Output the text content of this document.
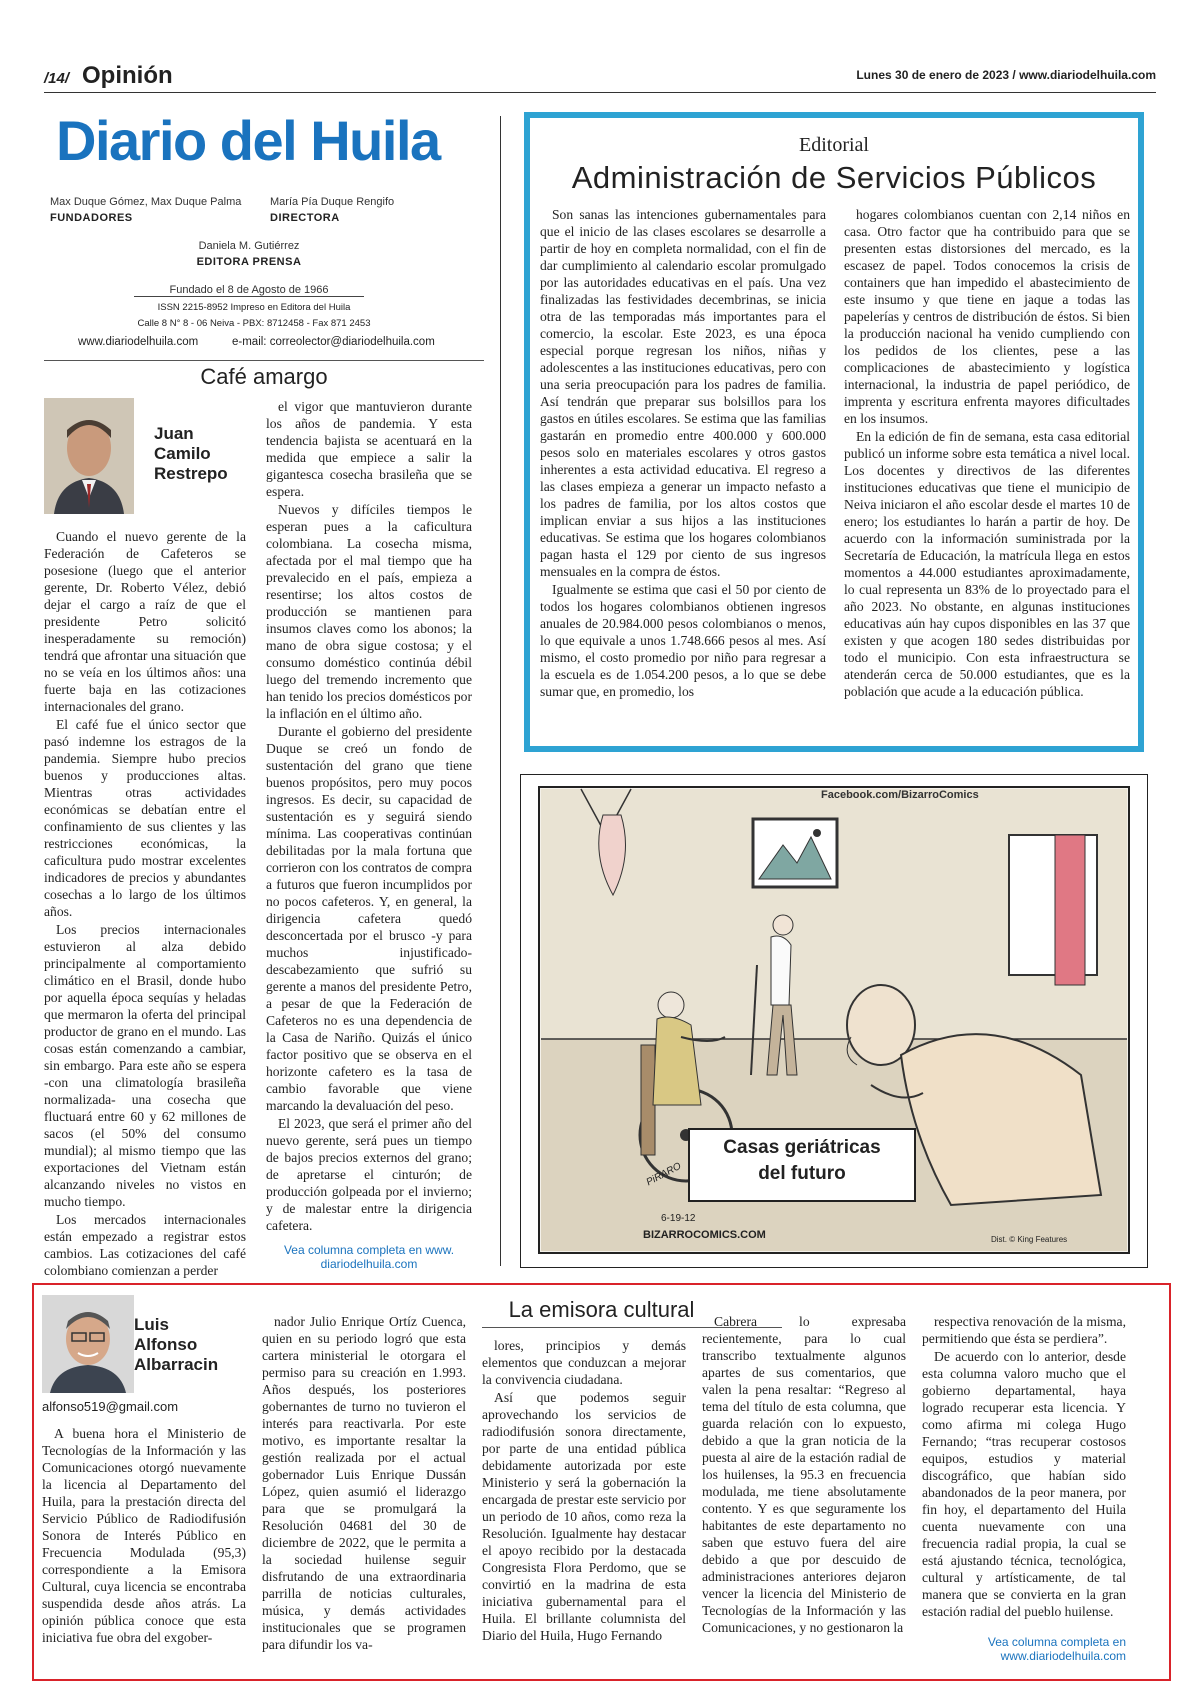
/14/ Opinión	Lunes 30 de enero de 2023 / www.diariodelhuila.com
Diario del Huila
Max Duque Gómez, Max Duque Palma
FUNDADORES
María Pía Duque Rengifo
DIRECTORA
Daniela M. Gutiérrez
EDITORA PRENSA
Fundado el 8 de Agosto de 1966
ISSN 2215-8952 Impreso en Editora del Huila
Calle 8 N° 8 - 06 Neiva - PBX: 8712458 - Fax 871 2453
www.diariodelhuila.com	e-mail: correolector@diariodelhuila.com
Café amargo
Juan
Camilo
Restrepo

Cuando el nuevo gerente de la Federación de Cafeteros se posesione (luego que el anterior gerente, Dr. Roberto Vélez, debió dejar el cargo a raíz de que el presidente Petro solicitó inesperadamente su remoción) tendrá que afrontar una situación que no se veía en los últimos años: una fuerte baja en las cotizaciones internacionales del grano.

El café fue el único sector que pasó indemne los estragos de la pandemia. Siempre hubo precios buenos y producciones altas. Mientras otras actividades económicas se debatían entre el confinamiento de sus clientes y las restricciones económicas, la caficultura pudo mostrar excelentes indicadores de precios y abundantes cosechas a lo largo de los últimos años.

Los precios internacionales estuvieron al alza debido principalmente al comportamiento climático en el Brasil, donde hubo por aquella época sequías y heladas que mermaron la oferta del principal productor de grano en el mundo. Las cosas están comenzando a cambiar, sin embargo. Para este año se espera -con una climatología brasileña normalizada- una cosecha que fluctuará entre 60 y 62 millones de sacos (el 50% del consumo mundial); al mismo tiempo que las exportaciones del Vietnam están alcanzando niveles no vistos en mucho tiempo.

Los mercados internacionales están empezado a registrar estos cambios. Las cotizaciones del café colombiano comienzan a perder

el vigor que mantuvieron durante los años de pandemia. Y esta tendencia bajista se acentuará en la medida que empiece a salir la gigantesca cosecha brasileña que se espera.

Nuevos y difíciles tiempos le esperan pues a la caficultura colombiana. La cosecha misma, afectada por el mal tiempo que ha prevalecido en el país, empieza a resentirse; los altos costos de producción se mantienen para insumos claves como los abonos; la mano de obra sigue costosa; y el consumo doméstico continúa débil luego del tremendo incremento que han tenido los precios domésticos por la inflación en el último año.

Durante el gobierno del presidente Duque se creó un fondo de sustentación del grano que tiene buenos propósitos, pero muy pocos ingresos. Es decir, su capacidad de sustentación es y seguirá siendo mínima. Las cooperativas continúan debilitadas por la mala fortuna que corrieron con los contratos de compra a futuros que fueron incumplidos por no pocos cafeteros. Y, en general, la dirigencia cafetera quedó desconcertada por el brusco -y para muchos injustificado- descabezamiento que sufrió su gerente a manos del presidente Petro, a pesar de que la Federación de Cafeteros no es una dependencia de la Casa de Nariño. Quizás el único factor positivo que se observa en el horizonte cafetero es la tasa de cambio favorable que viene marcando la devaluación del peso.

El 2023, que será el primer año del nuevo gerente, será pues un tiempo de bajos precios externos del grano; de apretarse el cinturón; de producción golpeada por el invierno; y de malestar entre la dirigencia cafetera.

Vea columna completa en www.
diariodelhuila.com
Editorial
Administración de Servicios Públicos

Son sanas las intenciones gubernamentales para que el inicio de las clases escolares se desarrolle a partir de hoy en completa normalidad, con el fin de dar cumplimiento al calendario escolar promulgado por las autoridades educativas en el país. Una vez finalizadas las festividades decembrinas, se inicia otra de las temporadas más importantes para el comercio, la escolar. Este 2023, es una época especial porque regresan los niños, niñas y adolescentes a las instituciones educativas, pero con una seria preocupación para los padres de familia. Así tendrán que preparar sus bolsillos para los gastos en útiles escolares. Se estima que las familias gastarán en promedio entre 400.000 y 600.000 pesos solo en materiales escolares y otros gastos inherentes a esta actividad educativa. El regreso a las clases empieza a generar un impacto nefasto a los padres de familia, por los altos costos que implican enviar a sus hijos a las instituciones educativas. Se estima que los hogares colombianos pagan hasta el 129 por ciento de sus ingresos mensuales en la compra de éstos.

Igualmente se estima que casi el 50 por ciento de todos los hogares colombianos obtienen ingresos anuales de 20.984.000 pesos colombianos o menos, lo que equivale a unos 1.748.666 pesos al mes. Así mismo, el costo promedio por niño para regresar a la escuela es de 1.054.200 pesos, a lo que se debe sumar que, en promedio, los

hogares colombianos cuentan con 2,14 niños en casa. Otro factor que ha contribuido para que se presenten estas distorsiones del mercado, es la escasez de papel. Todos conocemos la crisis de containers que han impedido el abastecimiento de este insumo y que tiene en jaque a todas las papelerías y centros de distribución de éstos. Si bien la producción nacional ha venido cumpliendo con los pedidos de los clientes, pese a las complicaciones de abastecimiento y logística internacional, la industria de papel periódico, de imprenta y escritura enfrenta mayores dificultades en los insumos.

En la edición de fin de semana, esta casa editorial publicó un informe sobre esta temática a nivel local. Los docentes y directivos de las diferentes instituciones educativas que tiene el municipio de Neiva iniciaron el año escolar desde el martes 10 de enero; los estudiantes lo harán a partir de hoy. De acuerdo con la información suministrada por la Secretaría de Educación, la matrícula llega en estos momentos a 44.000 estudiantes aproximadamente, lo cual representa un 83% de lo proyectado para el año 2023. No obstante, en algunas instituciones educativas aún hay cupos disponibles en las 37 que existen y que acogen 180 sedes distribuidas por todo el municipio. Con esta infraestructura se atenderán cerca de 50.000 estudiantes, que es la población que acude a la educación pública.

Facebook.com/BizarroComics
Casas geriátricas
del futuro
PiRARO
6-19-12
BIZARROCOMICS.COM	Dist. © King Features
La emisora cultural
Luis
Alfonso
Albarracin
alfonso519@gmail.com

A buena hora el Ministerio de Tecnologías de la Información y las Comunicaciones otorgó nuevamente la licencia al Departamento del Huila, para la prestación directa del Servicio Público de Radiodifusión Sonora de Interés Público en Frecuencia Modulada (95,3) correspondiente a la Emisora Cultural, cuya licencia se encontraba suspendida desde años atrás. La opinión pública conoce que esta iniciativa fue obra del exgober-

nador Julio Enrique Ortíz Cuenca, quien en su periodo logró que esta cartera ministerial le otorgara el permiso para su creación en 1.993. Años después, los posteriores gobernantes de turno no tuvieron el interés para reactivarla. Por este motivo, es importante resaltar la gestión realizada por el actual gobernador Luis Enrique Dussán López, quien asumió el liderazgo para que se promulgará la Resolución 04681 del 30 de diciembre de 2022, que le permita a la sociedad huilense seguir disfrutando de una extraordinaria parrilla de noticias culturales, música, y demás actividades institucionales que se programen para difundir los va-

lores, principios y demás elementos que conduzcan a mejorar la convivencia ciudadana.

Así que podemos seguir aprovechando los servicios de radiodifusión sonora directamente, por parte de una entidad pública debidamente autorizada por este Ministerio y será la gobernación la encargada de prestar este servicio por un periodo de 10 años, como reza la Resolución. Igualmente hay destacar el apoyo recibido por la destacada Congresista Flora Perdomo, que se convirtió en la madrina de esta iniciativa gubernamental para el Huila. El brillante columnista del Diario del Huila, Hugo Fernando

Cabrera lo expresaba recientemente, para lo cual transcribo textualmente algunos apartes de sus comentarios, que valen la pena resaltar: “Regreso al tema del título de esta columna, que guarda relación con lo expuesto, debido a que la gran noticia de la puesta al aire de la estación radial de los huilenses, la 95.3 en frecuencia modulada, me tiene absolutamente contento. Y es que seguramente los habitantes de este departamento no saben que estuvo fuera del aire debido a que por descuido de administraciones anteriores dejaron vencer la licencia del Ministerio de Tecnologías de la Información y las Comunicaciones, y no gestionaron la

respectiva renovación de la misma, permitiendo que ésta se perdiera”.

De acuerdo con lo anterior, desde esta columna valoro mucho que el gobierno departamental, haya logrado recuperar esta licencia. Y como afirma mi colega Hugo Fernando; “tras recuperar costosos equipos, estudios y material discográfico, que habían sido abandonados de la peor manera, por fin hoy, el departamento del Huila cuenta nuevamente con una frecuencia radial propia, la cual se está ajustando técnica, tecnológica, cultural y artísticamente, de tal manera que se convierta en la gran estación radial del pueblo huilense.

Vea columna completa en
www.diariodelhuila.com
